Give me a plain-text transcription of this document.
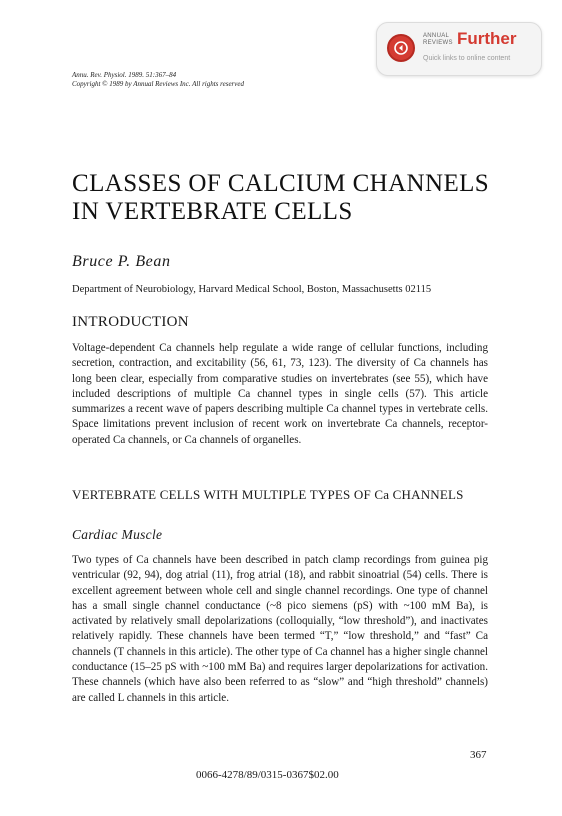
ANNUAL
REVIEWS Further
Quick links to online content
Annu. Rev. Physiol. 1989. 51:367–84
Copyright © 1989 by Annual Reviews Inc. All rights reserved
CLASSES OF CALCIUM CHANNELS
IN VERTEBRATE CELLS
Bruce P. Bean
Department of Neurobiology, Harvard Medical School, Boston, Massachusetts 02115
INTRODUCTION
Voltage-dependent Ca channels help regulate a wide range of cellular functions, including secretion, contraction, and excitability (56, 61, 73, 123). The diversity of Ca channels has long been clear, especially from comparative studies on invertebrates (see 55), which have included descriptions of multiple Ca channel types in single cells (57). This article summarizes a recent wave of papers describing multiple Ca channel types in vertebrate cells. Space limitations prevent inclusion of recent work on invertebrate Ca channels, receptor-operated Ca channels, or Ca channels of organelles.
VERTEBRATE CELLS WITH MULTIPLE TYPES OF Ca CHANNELS
Cardiac Muscle
Two types of Ca channels have been described in patch clamp recordings from guinea pig ventricular (92, 94), dog atrial (11), frog atrial (18), and rabbit sinoatrial (54) cells. There is excellent agreement between whole cell and single channel recordings. One type of channel has a small single channel conductance (~8 pico siemens (pS) with ~100 mM Ba), is activated by relatively small depolarizations (colloquially, “low threshold”), and inactivates relatively rapidly. These channels have been termed “T,” “low threshold,” and “fast” Ca channels (T channels in this article). The other type of Ca channel has a higher single channel conductance (15–25 pS with ~100 mM Ba) and requires larger depolarizations for activation. These channels (which have also been referred to as “slow” and “high threshold” channels) are called L channels in this article.
367
0066-4278/89/0315-0367$02.00
